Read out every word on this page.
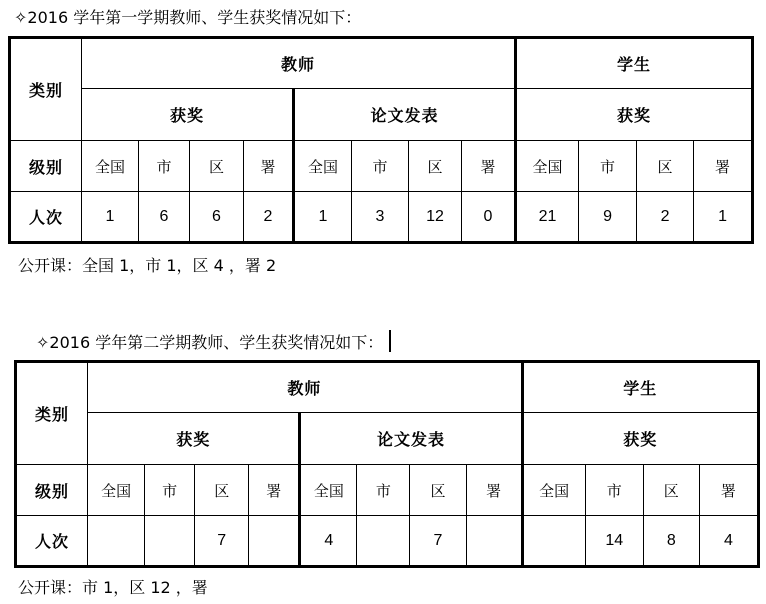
✧2016 学年第一学期教师、学生获奖情况如下：
类别	教师								学生			
	获奖				论文发表				获奖			
级别	全国	市	区	署	全国	市	区	署	全国	市	区	署
人次	1	6	6	2	1	3	12	0	21	9	2	1
公开课：全国 1，市 1，区 4 ，署 2
✧2016 学年第二学期教师、学生获奖情况如下：
类别	教师								学生			
	获奖				论文发表				获奖			
级别	全国	市	区	署	全国	市	区	署	全国	市	区	署
人次			7		4		7			14	8	4
公开课：市 1，区 12 ，署
